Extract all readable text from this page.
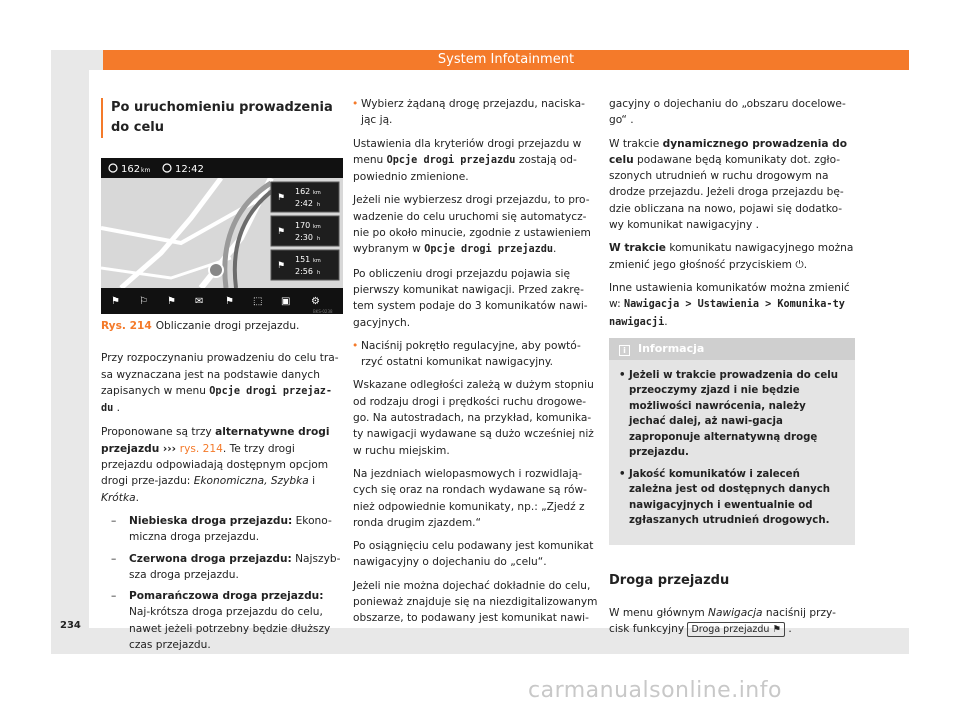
System Infotainment
Po uruchomieniu prowadzenia do celu
162 km 12:42
⚑
162 km
2:42 h
⚑
170 km
2:30 h
⚑
151 km
2:56 h
⚑ ⚐ ⚑ ✉ ⚑ ⬚ ▣ ⚙
BKS-0238
Rys. 214 Obliczanie drogi przejazdu.

Przy rozpoczynaniu prowadzeniu do celu tra-sa wyznaczana jest na podstawie danych zapisanych w menu Opcje drogi przejaz-du .

Proponowane są trzy alternatywne drogi przejazdu ››› rys. 214. Te trzy drogi przejazdu odpowiadają dostępnym opcjom drogi prze-jazdu: Ekonomiczna, Szybka i Krótka.

– Niebieska droga przejazdu: Ekono-miczna droga przejazdu.
– Czerwona droga przejazdu: Najszyb-sza droga przejazdu.
– Pomarańczowa droga przejazdu: Naj-krótsza droga przejazdu do celu, nawet jeżeli potrzebny będzie dłuższy czas przejazdu.

• Wybierz żądaną drogę przejazdu, naciska-jąc ją.

Ustawienia dla kryteriów drogi przejazdu w menu Opcje drogi przejazdu zostają od-powiednio zmienione.

Jeżeli nie wybierzesz drogi przejazdu, to pro-wadzenie do celu uruchomi się automatycz-nie po około minucie, zgodnie z ustawieniem wybranym w Opcje drogi przejazdu.

Po obliczeniu drogi przejazdu pojawia się pierwszy komunikat nawigacji. Przed zakrę-tem system podaje do 3 komunikatów nawi-gacyjnych.

• Naciśnij pokrętło regulacyjne, aby powtó-rzyć ostatni komunikat nawigacyjny.

Wskazane odległości zależą w dużym stopniu od rodzaju drogi i prędkości ruchu drogowe-go. Na autostradach, na przykład, komunika-ty nawigacji wydawane są dużo wcześniej niż w ruchu miejskim.

Na jezdniach wielopasmowych i rozwidlają-cych się oraz na rondach wydawane są rów-nież odpowiednie komunikaty, np.: „Zjedź z ronda drugim zjazdem.“

Po osiągnięciu celu podawany jest komunikat nawigacyjny o dojechaniu do „celu“.

Jeżeli nie można dojechać dokładnie do celu, ponieważ znajduje się na niezdigitalizowanym obszarze, to podawany jest komunikat nawi-

gacyjny o dojechaniu do „obszaru docelowe-go“ .

W trakcie dynamicznego prowadzenia do celu podawane będą komunikaty dot. zgło-szonych utrudnień w ruchu drogowym na drodze przejazdu. Jeżeli droga przejazdu bę-dzie obliczana na nowo, pojawi się dodatko-wy komunikat nawigacyjny .

W trakcie komunikatu nawigacyjnego można zmienić jego głośność przyciskiem ⏻.

Inne ustawienia komunikatów można zmienić w: Nawigacja > Ustawienia > Komunika-ty nawigacji.

i Informacja
• Jeżeli w trakcie prowadzenia do celu przeoczymy zjazd i nie będzie możliwości nawrócenia, należy jechać dalej, aż nawi-gacja zaproponuje alternatywną drogę przejazdu.
• Jakość komunikatów i zaleceń zależna jest od dostępnych danych nawigacyjnych i ewentualnie od zgłaszanych utrudnień drogowych.
Droga przejazdu

W menu głównym Nawigacja naciśnij przy-cisk funkcyjny Droga przejazdu ⚑ .

234
carmanualsonline.info
